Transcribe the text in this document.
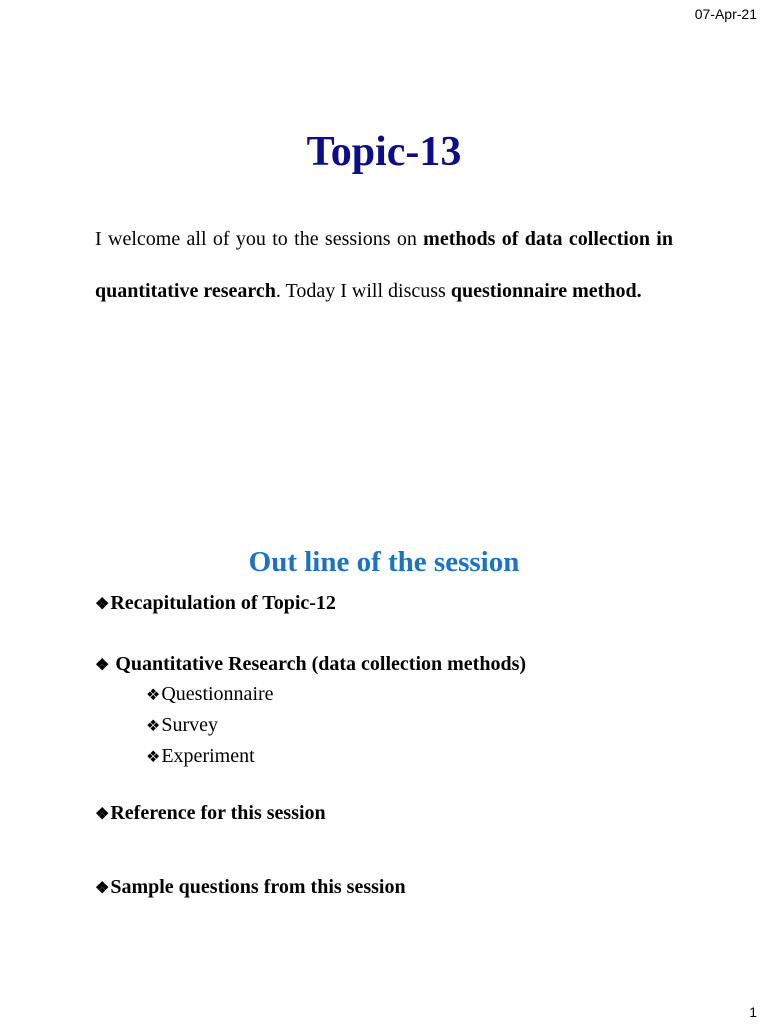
07-Apr-21
Topic-13

I welcome all of you to the sessions on methods of data collection in quantitative research. Today I will discuss questionnaire method.

Out line of the session
❖Recapitulation of Topic-12
❖ Quantitative Research (data collection methods)
❖Questionnaire
❖Survey
❖Experiment
❖Reference for this session
❖Sample questions from this session
1
